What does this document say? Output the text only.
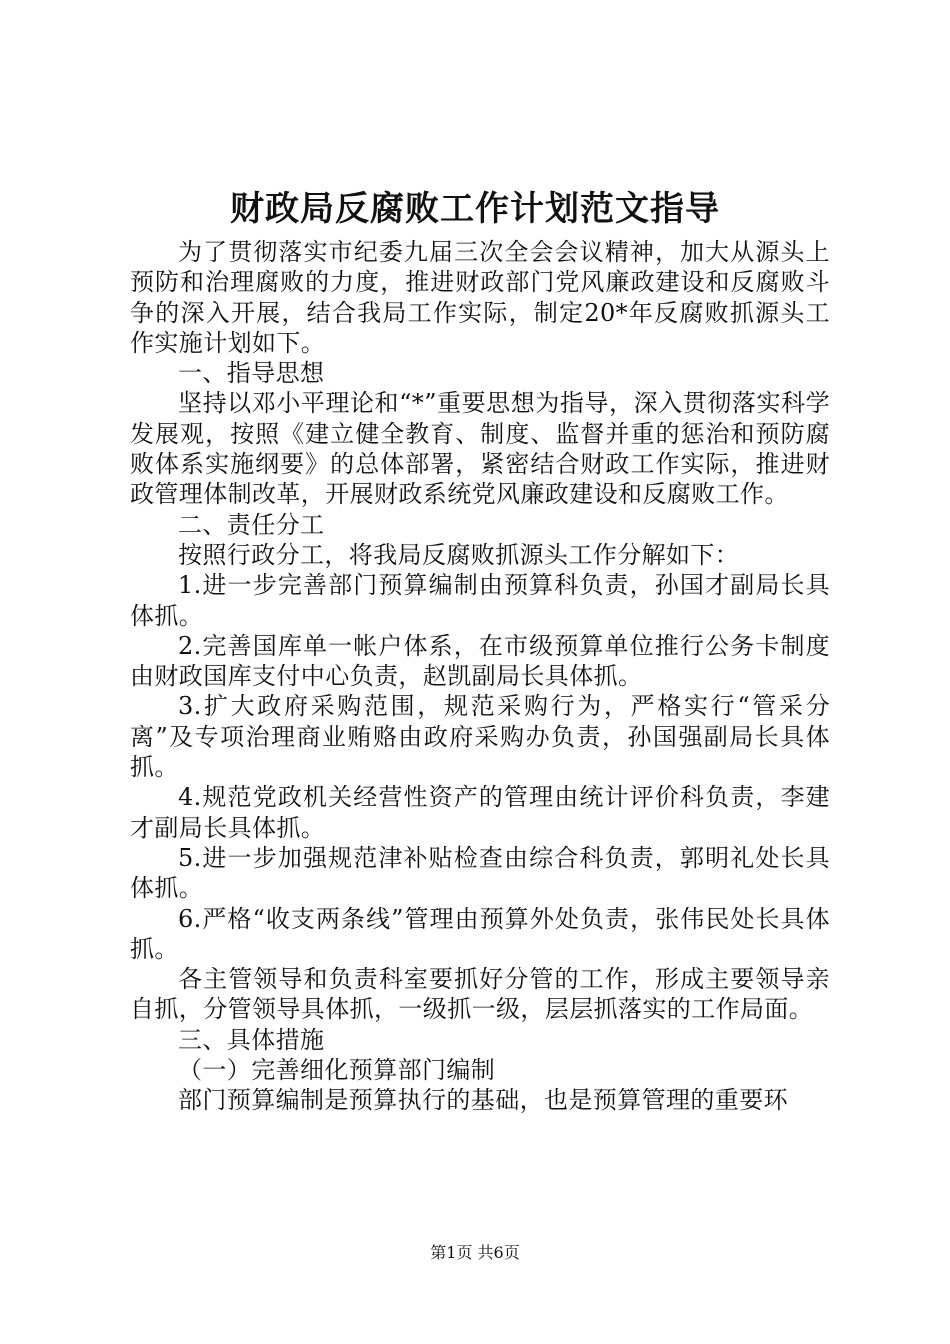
财政局反腐败工作计划范文指导

为了贯彻落实市纪委九届三次全会会议精神，加大从源头上预防和治理腐败的力度，推进财政部门党风廉政建设和反腐败斗争的深入开展，结合我局工作实际，制定20*年反腐败抓源头工作实施计划如下。

一、指导思想

坚持以邓小平理论和“*”重要思想为指导，深入贯彻落实科学发展观，按照《建立健全教育、制度、监督并重的惩治和预防腐败体系实施纲要》的总体部署，紧密结合财政工作实际，推进财政管理体制改革，开展财政系统党风廉政建设和反腐败工作。

二、责任分工

按照行政分工，将我局反腐败抓源头工作分解如下：

1.进一步完善部门预算编制由预算科负责，孙国才副局长具体抓。

2.完善国库单一帐户体系，在市级预算单位推行公务卡制度由财政国库支付中心负责，赵凯副局长具体抓。

3.扩大政府采购范围，规范采购行为，严格实行“管采分离”及专项治理商业贿赂由政府采购办负责，孙国强副局长具体抓。

4.规范党政机关经营性资产的管理由统计评价科负责，李建才副局长具体抓。

5.进一步加强规范津补贴检查由综合科负责，郭明礼处长具体抓。

6.严格“收支两条线”管理由预算外处负责，张伟民处长具体抓。

各主管领导和负责科室要抓好分管的工作，形成主要领导亲自抓，分管领导具体抓，一级抓一级，层层抓落实的工作局面。

三、具体措施

（一）完善细化预算部门编制

部门预算编制是预算执行的基础，也是预算管理的重要环

第1页 共6页
